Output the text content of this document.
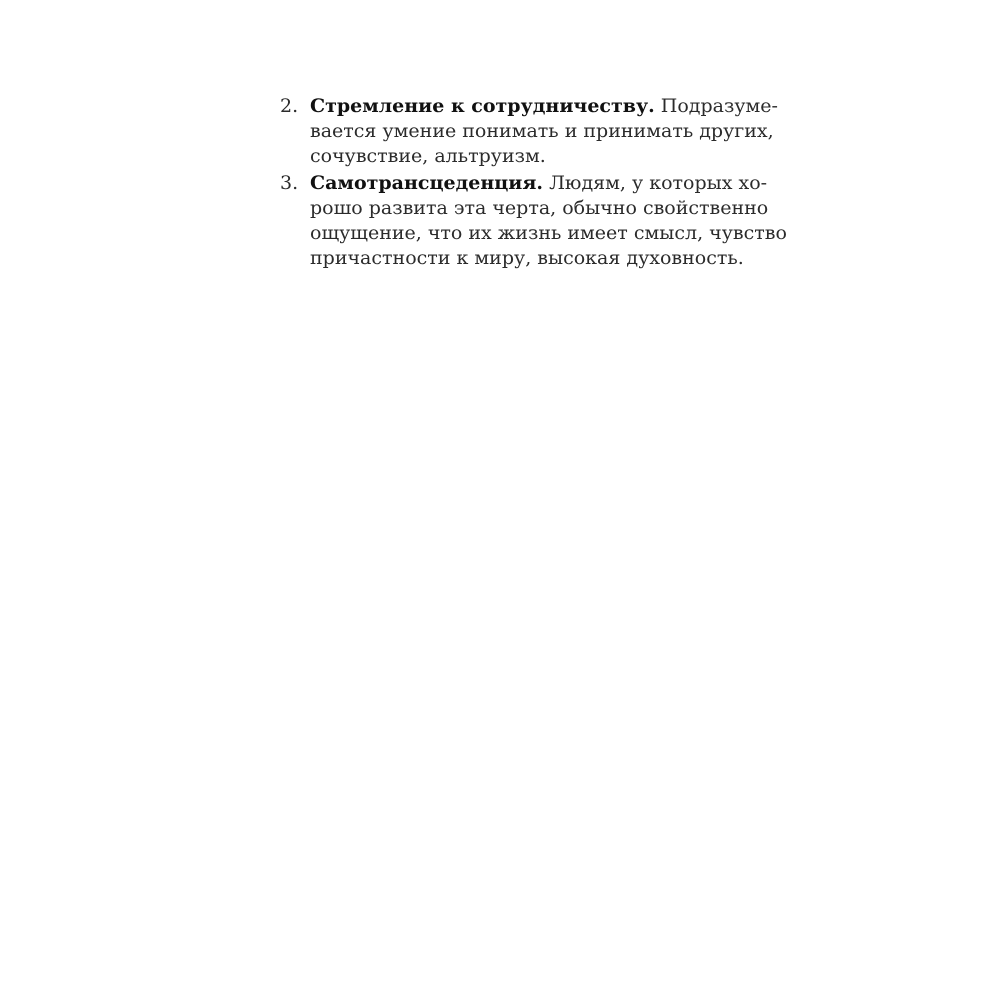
2. Стремление к сотрудничеству. Подразуме-
вается умение понимать и принимать других,
сочувствие, альтруизм.
3. Самотрансцеденция. Людям, у которых хо-
рошо развита эта черта, обычно свойственно
ощущение, что их жизнь имеет смысл, чувство
причастности к миру, высокая духовность.
